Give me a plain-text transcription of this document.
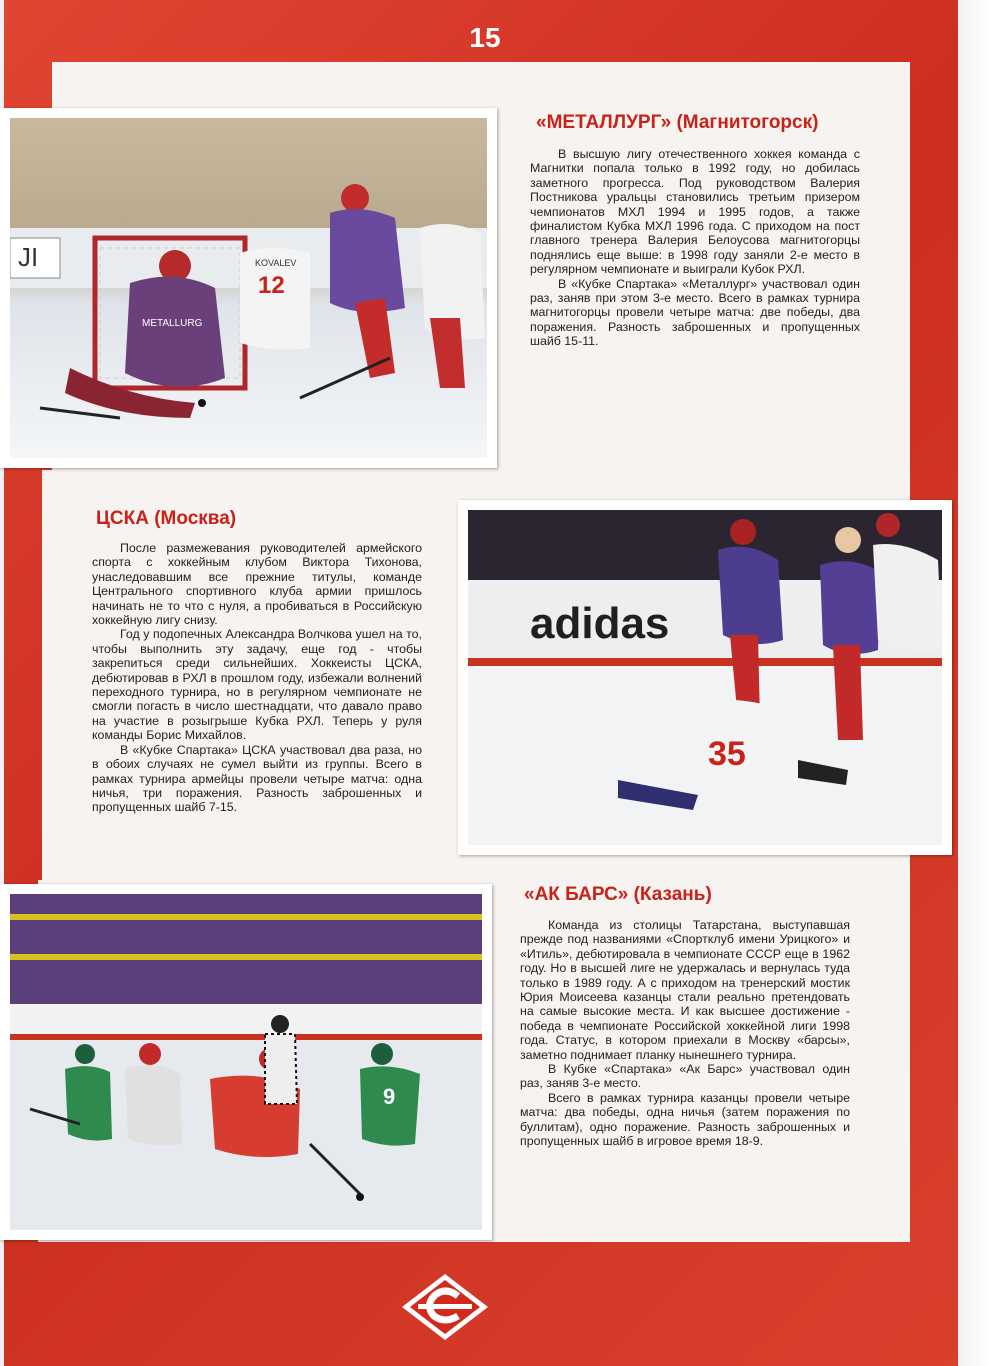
15
JI
METALLURG
12
KOVALEV
«МЕТАЛЛУРГ» (Магнитогорск)

В высшую лигу отечественного хоккея команда с Магнитки попала только в 1992 году, но добилась заметного прогресса. Под руководством Валерия Постникова уральцы становились третьим призером чемпионатов МХЛ 1994 и 1995 годов, а также финалистом Кубка МХЛ 1996 года. С приходом на пост главного тренера Валерия Белоусова магнитогорцы поднялись еще выше: в 1998 году заняли 2-е место в регулярном чемпионате и выиграли Кубок РХЛ.

В «Кубке Спартака» «Металлург» участвовал один раз, заняв при этом 3-е место. Всего в рамках турнира магнитогорцы провели четыре матча: две победы, два поражения. Разность заброшенных и пропущенных шайб 15-11.

ЦСКА (Москва)

После размежевания руководителей армейского спорта с хоккейным клубом Виктора Тихонова, унаследовавшим все прежние титулы, команде Центрального спортивного клуба армии пришлось начинать не то что с нуля, а пробиваться в Российскую хоккейную лигу снизу.

Год у подопечных Александра Волчкова ушел на то, чтобы выполнить эту задачу, еще год - чтобы закрепиться среди сильнейших. Хоккеисты ЦСКА, дебютировав в РХЛ в прошлом году, избежали волнений переходного турнира, но в регулярном чемпионате не смогли погасть в число шестнадцати, что давало право на участие в розыгрыше Кубка РХЛ. Теперь у руля команды Борис Михайлов.

В «Кубке Спартака» ЦСКА участвовал два раза, но в обоих случаях не сумел выйти из группы. Всего в рамках турнира армейцы провели четыре матча: одна ничья, три поражения. Разность заброшенных и пропущенных шайб 7-15.

adidas
35
9
«АК БАРС» (Казань)

Команда из столицы Татарстана, выступавшая прежде под названиями «Спортклуб имени Урицкого» и «Итиль», дебютировала в чемпионате СССР еще в 1962 году. Но в высшей лиге не удержалась и вернулась туда только в 1989 году. А с приходом на тренерский мостик Юрия Моисеева казанцы стали реально претендовать на самые высокие места. И как высшее достижение - победа в чемпионате Российской хоккейной лиги 1998 года. Статус, в котором приехали в Москву «барсы», заметно поднимает планку нынешнего турнира.

В Кубке «Спартака» «Ак Барс» участвовал один раз, заняв 3-е место.

Всего в рамках турнира казанцы провели четыре матча: два победы, одна ничья (затем поражения по буллитам), одно поражение. Разность заброшенных и пропущенных шайб в игровое время 18-9.
